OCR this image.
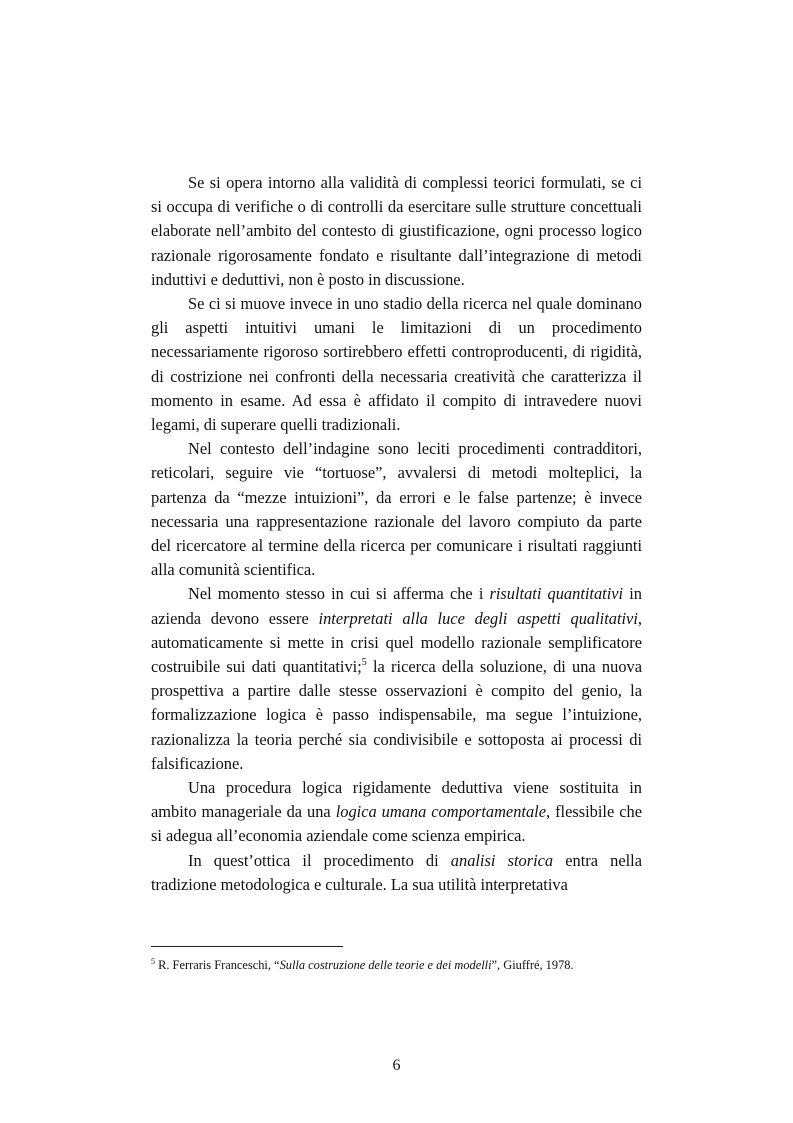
Se si opera intorno alla validità di complessi teorici formulati, se ci si occupa di verifiche o di controlli da esercitare sulle strutture concettuali elaborate nell’ambito del contesto di giustificazione, ogni processo logico razionale rigorosamente fondato e risultante dall’integrazione di metodi induttivi e deduttivi, non è posto in discussione.

Se ci si muove invece in uno stadio della ricerca nel quale dominano gli aspetti intuitivi umani le limitazioni di un procedimento necessariamente rigoroso sortirebbero effetti controproducenti, di rigidità, di costrizione nei confronti della necessaria creatività che caratterizza il momento in esame. Ad essa è affidato il compito di intravedere nuovi legami, di superare quelli tradizionali.

Nel contesto dell’indagine sono leciti procedimenti contradditori, reticolari, seguire vie “tortuose”, avvalersi di metodi molteplici, la partenza da “mezze intuizioni”, da errori e le false partenze; è invece necessaria una rappresentazione razionale del lavoro compiuto da parte del ricercatore al termine della ricerca per comunicare i risultati raggiunti alla comunità scientifica.

Nel momento stesso in cui si afferma che i risultati quantitativi in azienda devono essere interpretati alla luce degli aspetti qualitativi, automaticamente si mette in crisi quel modello razionale semplificatore costruibile sui dati quantitativi;$^5$ la ricerca della soluzione, di una nuova prospettiva a partire dalle stesse osservazioni è compito del genio, la formalizzazione logica è passo indispensabile, ma segue l’intuizione, razionalizza la teoria perché sia condivisibile e sottoposta ai processi di falsificazione.

Una procedura logica rigidamente deduttiva viene sostituita in ambito manageriale da una logica umana comportamentale, flessibile che si adegua all’economia aziendale come scienza empirica.

In quest’ottica il procedimento di analisi storica entra nella tradizione metodologica e culturale. La sua utilità interpretativa

$^5$ R. Ferraris Franceschi, “Sulla costruzione delle teorie e dei modelli”, Giuffré, 1978.

6
